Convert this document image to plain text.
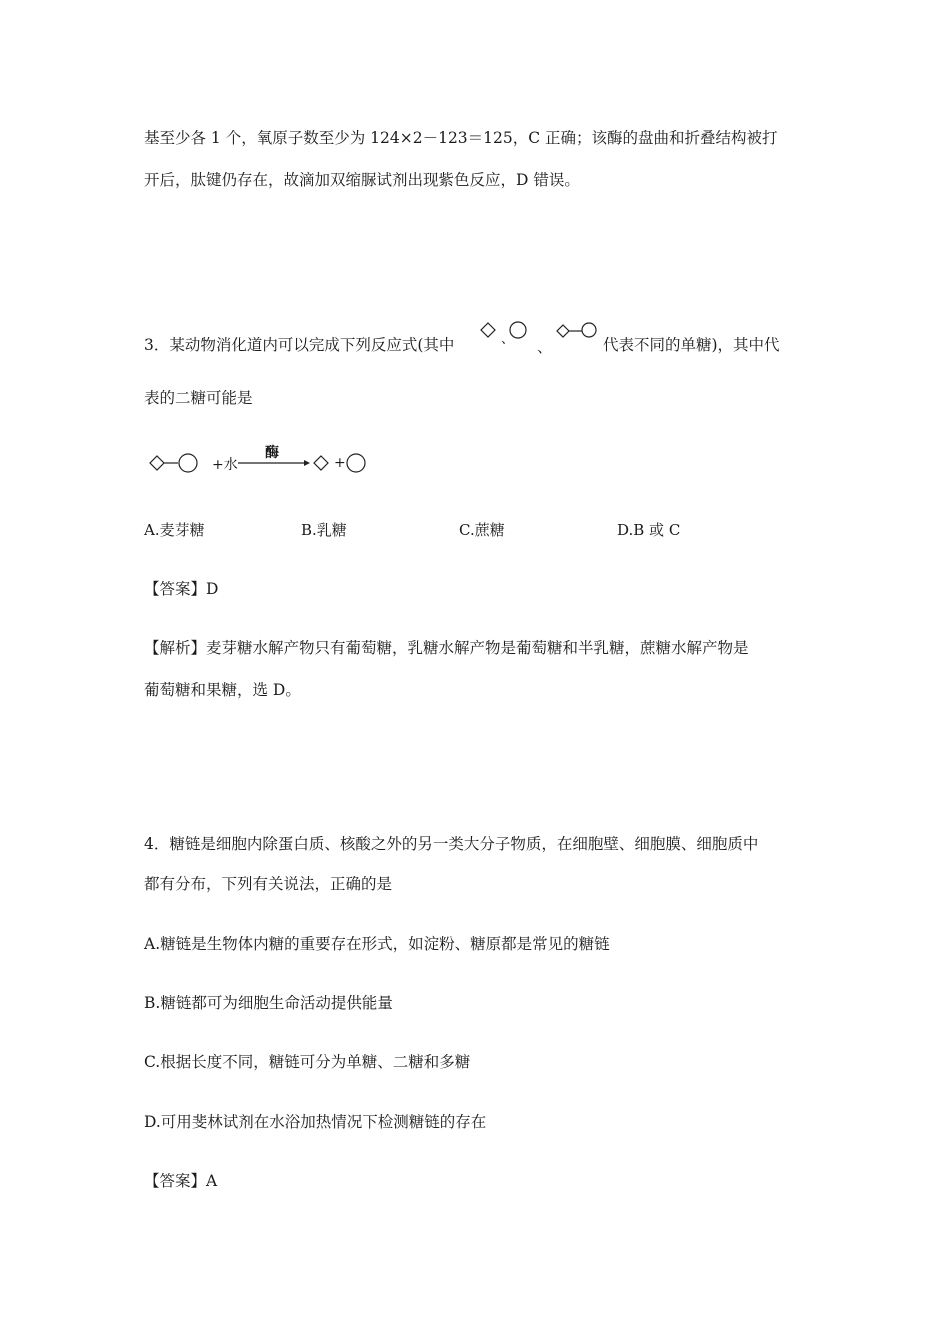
基至少各 1 个，氧原子数至少为 124×2－123＝125，C 正确；该酶的盘曲和折叠结构被打
开后，肽键仍存在，故滴加双缩脲试剂出现紫色反应，D 错误。
3．某动物消化道内可以完成下列反应式(其中	、 、	代表不同的单糖)，其中代
表的二糖可能是
+水
酶
+
A.麦芽糖	B.乳糖	C.蔗糖	D.B 或 C
【答案】D
【解析】麦芽糖水解产物只有葡萄糖，乳糖水解产物是葡萄糖和半乳糖，蔗糖水解产物是
葡萄糖和果糖，选 D。
4．糖链是细胞内除蛋白质、核酸之外的另一类大分子物质，在细胞壁、细胞膜、细胞质中
都有分布，下列有关说法，正确的是
A.糖链是生物体内糖的重要存在形式，如淀粉、糖原都是常见的糖链
B.糖链都可为细胞生命活动提供能量
C.根据长度不同，糖链可分为单糖、二糖和多糖
D.可用斐林试剂在水浴加热情况下检测糖链的存在
【答案】A
